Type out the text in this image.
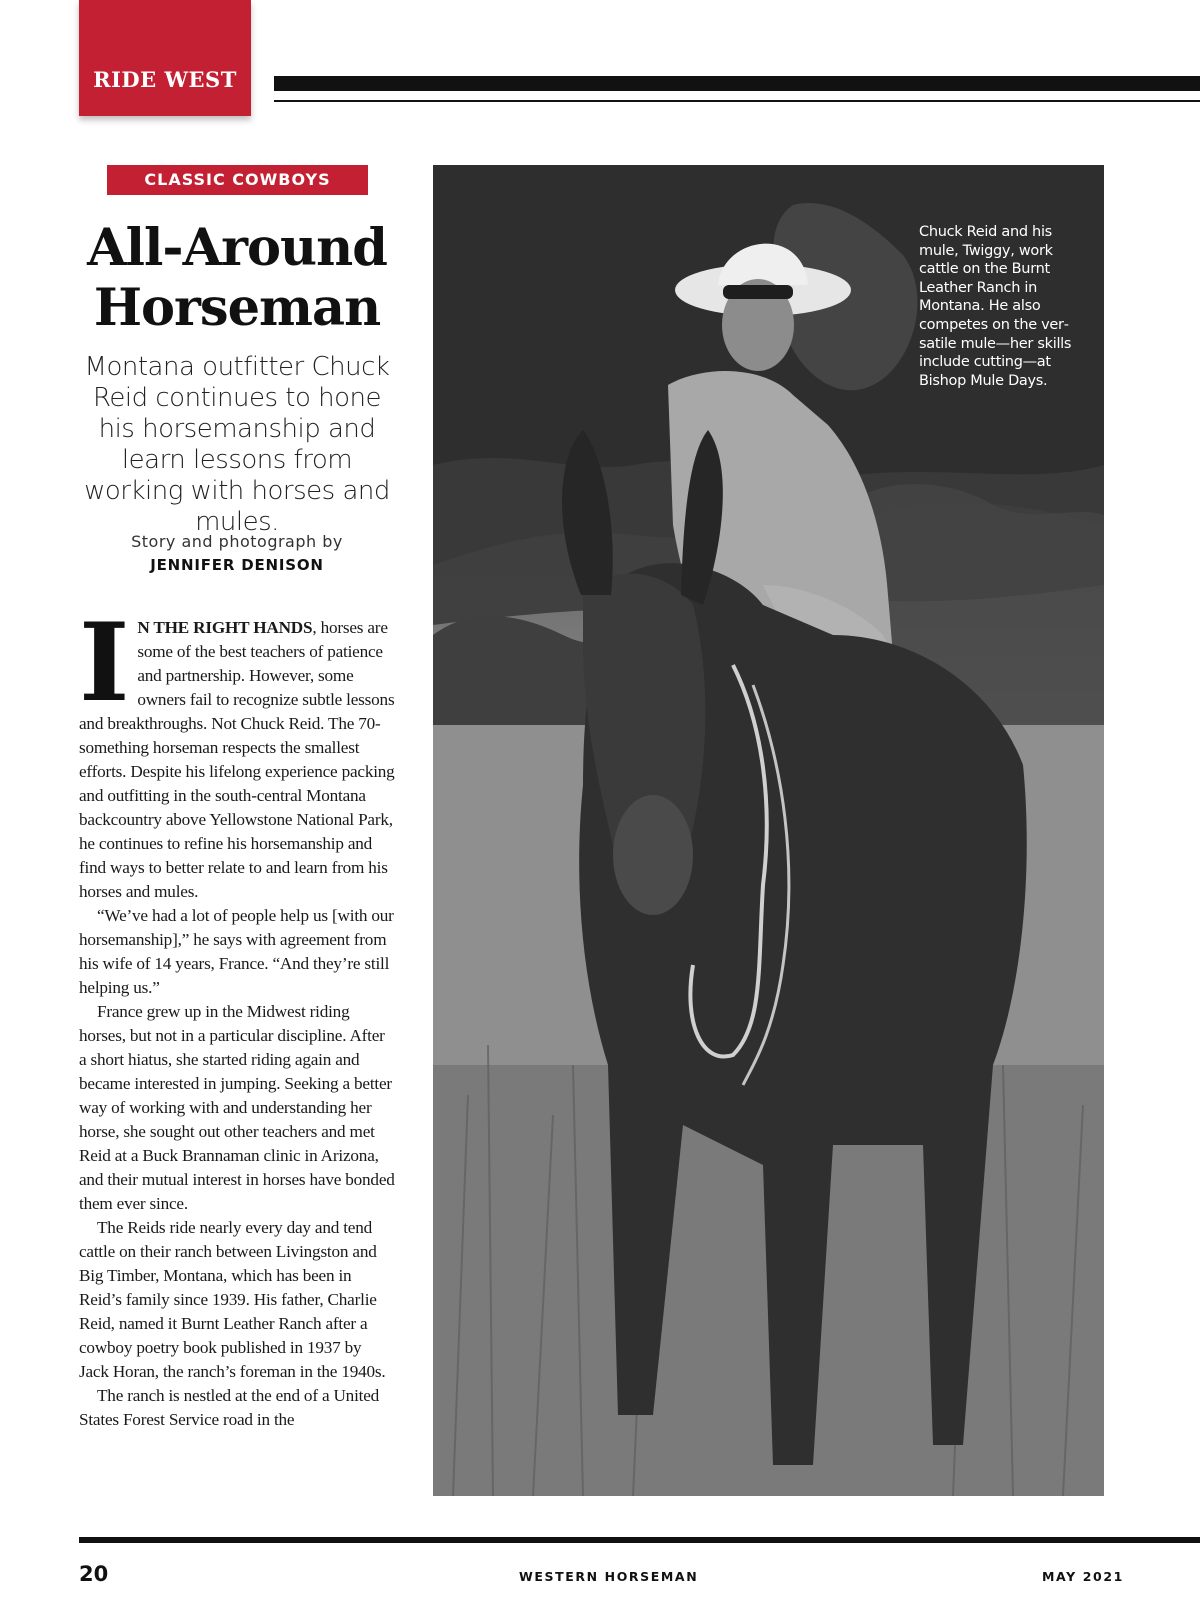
RIDE WEST
CLASSIC COWBOYS
All-Around
Horseman
Montana outfitter Chuck Reid continues to hone his horsemanship and learn lessons from working with horses and mules.
Story and photograph by
JENNIFER DENISON

I N THE RIGHT HANDS, horses are some of the best teachers of patience and partnership. However, some owners fail to recognize subtle lessons and breakthroughs. Not Chuck Reid. The 70-something horseman respects the smallest efforts. Despite his lifelong experience packing and outfitting in the south-central Montana backcountry above Yellowstone National Park, he continues to refine his horsemanship and find ways to better relate to and learn from his horses and mules.

“We’ve had a lot of people help us [with our horsemanship],” he says with agreement from his wife of 14 years, France. “And they’re still helping us.”

France grew up in the Midwest riding horses, but not in a particular discipline. After a short hiatus, she started riding again and became interested in jumping. Seeking a better way of working with and understanding her horse, she sought out other teachers and met Reid at a Buck Brannaman clinic in Arizona, and their mutual interest in horses have bonded them ever since.

The Reids ride nearly every day and tend cattle on their ranch between Livingston and Big Timber, Montana, which has been in Reid’s family since 1939. His father, Charlie Reid, named it Burnt Leather Ranch after a cowboy poetry book published in 1937 by Jack Horan, the ranch’s foreman in the 1940s.

The ranch is nestled at the end of a United States Forest Service road in the

Chuck Reid and his mule, Twiggy, work cattle on the Burnt Leather Ranch in Montana. He also competes on the versatile mule—her skills include cutting—at Bishop Mule Days.
20	WESTERN HORSEMAN	MAY 2021
